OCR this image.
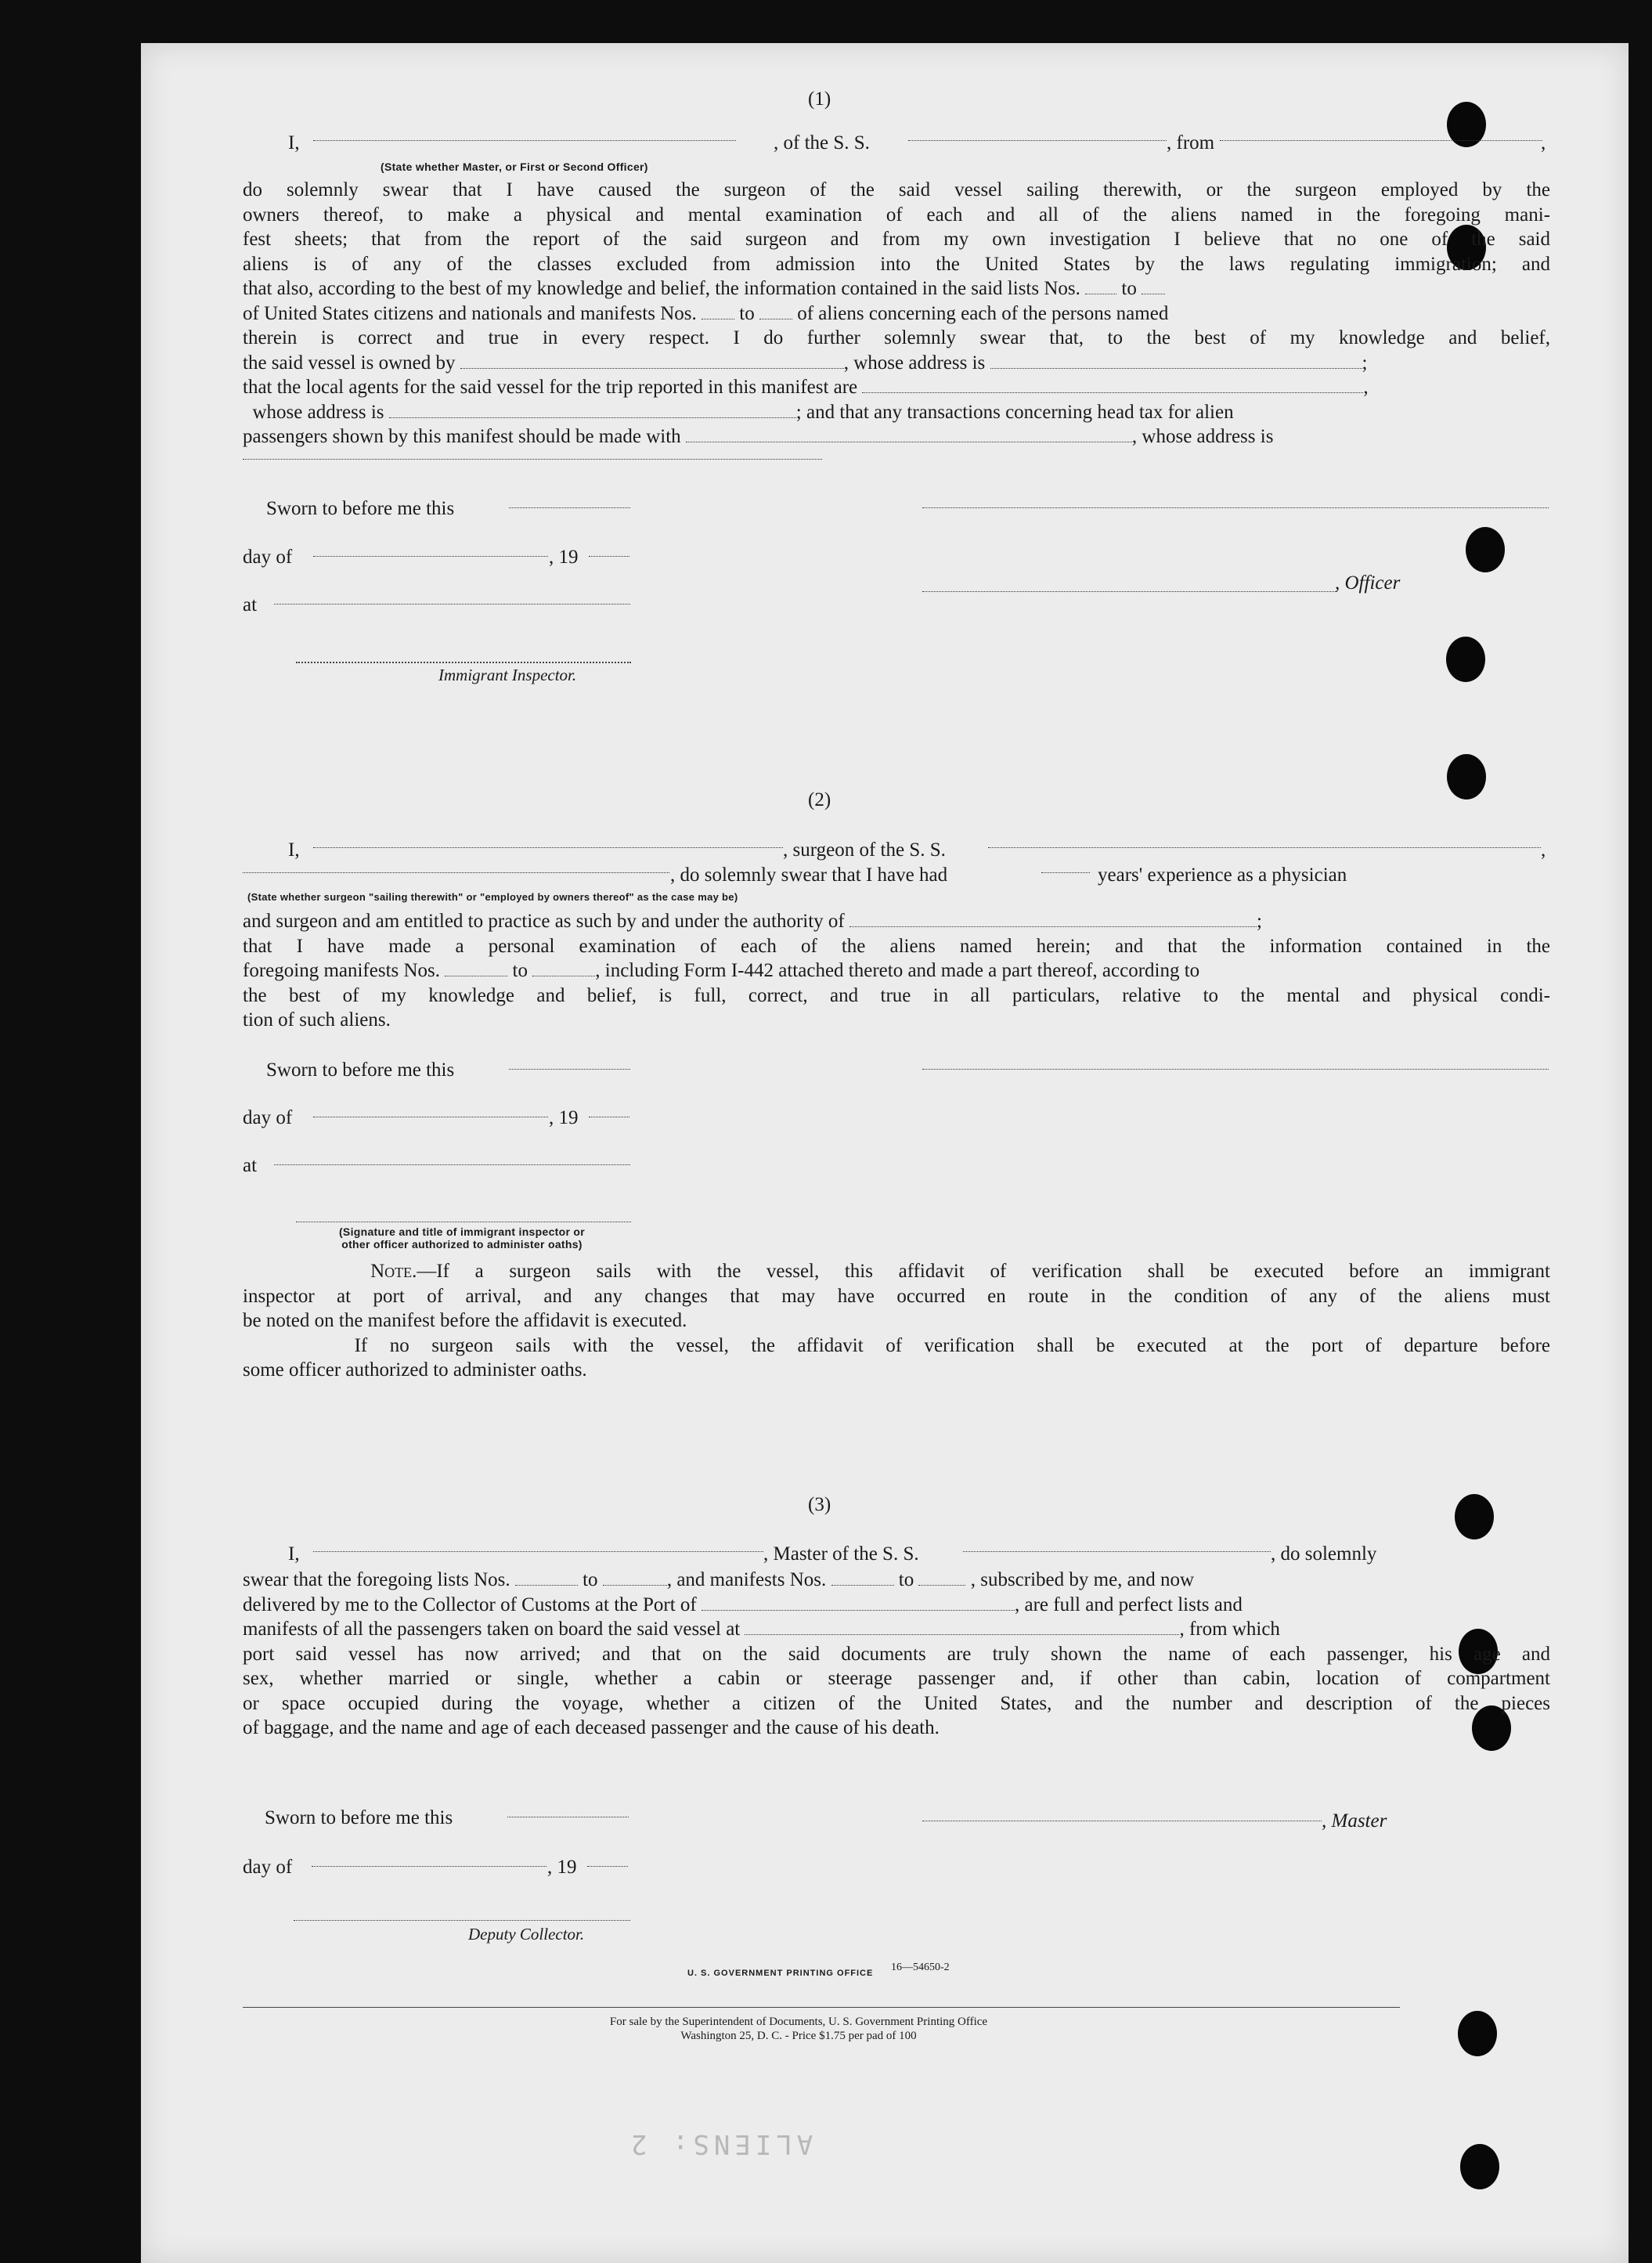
(1)
I,	, of the S. S.	, from	,
(State whether Master, or First or Second Officer)
do solemnly swear that I have caused the surgeon of the said vessel sailing therewith, or the surgeon employed by the
owners thereof, to make a physical and mental examination of each and all of the aliens named in the foregoing mani-
fest sheets; that from the report of the said surgeon and from my own investigation I believe that no one of the said
aliens is of any of the classes excluded from admission into the United States by the laws regulating immigration; and
that also, according to the best of my knowledge and belief, the information contained in the said lists Nos. to
of United States citizens and nationals and manifests Nos. to of aliens concerning each of the persons named
therein is correct and true in every respect. I do further solemnly swear that, to the best of my knowledge and belief,
the said vessel is owned by	, whose address is	;
that the local agents for the said vessel for the trip reported in this manifest are	,
whose address is	; and that any transactions concerning head tax for alien
passengers shown by this manifest should be made with	, whose address is
Sworn to before me this
day of	, 19
, Officer
at
Immigrant Inspector.
(2)
I,	, surgeon of the S. S.	,
, do solemnly swear that I have had	years' experience as a physician
(State whether surgeon "sailing therewith" or "employed by owners thereof" as the case may be)
and surgeon and am entitled to practice as such by and under the authority of	;
that I have made a personal examination of each of the aliens named herein; and that the information contained in the
foregoing manifests Nos.	to	, including Form I-442 attached thereto and made a part thereof, according to
the best of my knowledge and belief, is full, correct, and true in all particulars, relative to the mental and physical condi-
tion of such aliens.
Sworn to before me this
day of	, 19
at
(Signature and title of immigrant inspector or
other officer authorized to administer oaths)
Note.—If a surgeon sails with the vessel, this affidavit of verification shall be executed before an immigrant
inspector at port of arrival, and any changes that may have occurred en route in the condition of any of the aliens must
be noted on the manifest before the affidavit is executed.
If no surgeon sails with the vessel, the affidavit of verification shall be executed at the port of departure before
some officer authorized to administer oaths.
(3)
I,	, Master of the S. S.	, do solemnly
swear that the foregoing lists Nos.	to	, and manifests Nos.	to	, subscribed by me, and now
delivered by me to the Collector of Customs at the Port of	, are full and perfect lists and
manifests of all the passengers taken on board the said vessel at	, from which
port said vessel has now arrived; and that on the said documents are truly shown the name of each passenger, his age and
sex, whether married or single, whether a cabin or steerage passenger and, if other than cabin, location of compartment
or space occupied during the voyage, whether a citizen of the United States, and the number and description of the pieces
of baggage, and the name and age of each deceased passenger and the cause of his death.
Sworn to before me this	, Master
day of	, 19
Deputy Collector.
U. S. GOVERNMENT PRINTING OFFICE 16—54650-2
For sale by the Superintendent of Documents, U. S. Government Printing Office
Washington 25, D. C. - Price $1.75 per pad of 100
ALIENS: 2
